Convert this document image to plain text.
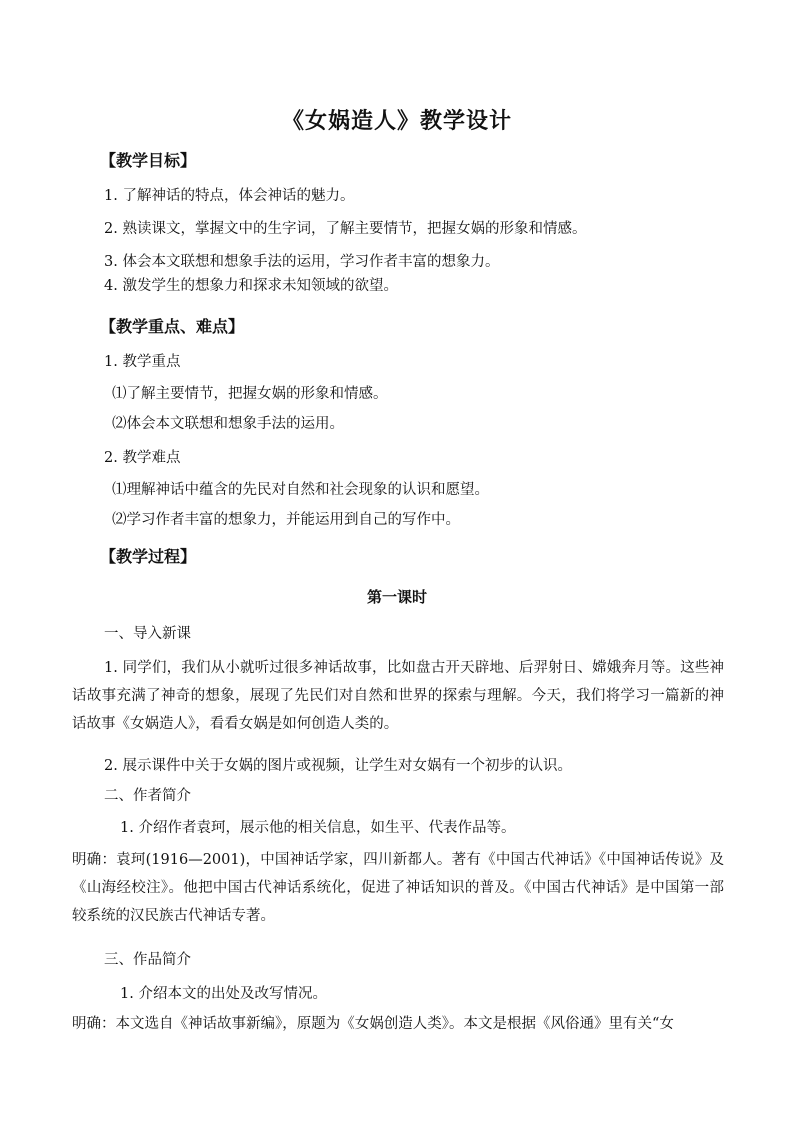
《女娲造人》教学设计
【教学目标】
1. 了解神话的特点，体会神话的魅力。
2. 熟读课文，掌握文中的生字词，了解主要情节，把握女娲的形象和情感。
3. 体会本文联想和想象手法的运用，学习作者丰富的想象力。
4. 激发学生的想象力和探求未知领域的欲望。
【教学重点、难点】
1. 教学重点
⑴了解主要情节，把握女娲的形象和情感。
⑵体会本文联想和想象手法的运用。
2. 教学难点
⑴理解神话中蕴含的先民对自然和社会现象的认识和愿望。
⑵学习作者丰富的想象力，并能运用到自己的写作中。
【教学过程】
第一课时
一、导入新课
1. 同学们，我们从小就听过很多神话故事，比如盘古开天辟地、后羿射日、嫦娥奔月等。这些神话故事充满了神奇的想象，展现了先民们对自然和世界的探索与理解。今天，我们将学习一篇新的神话故事《女娲造人》，看看女娲是如何创造人类的。
2. 展示课件中关于女娲的图片或视频，让学生对女娲有一个初步的认识。
二、作者简介
1. 介绍作者袁珂，展示他的相关信息，如生平、代表作品等。
明确：袁珂(1916—2001)，中国神话学家，四川新都人。著有《中国古代神话》《中国神话传说》及《山海经校注》。他把中国古代神话系统化，促进了神话知识的普及。《中国古代神话》是中国第一部较系统的汉民族古代神话专著。
三、作品简介
1. 介绍本文的出处及改写情况。
明确：本文选自《神话故事新编》，原题为《女娲创造人类》。本文是根据《风俗通》里有关“女
